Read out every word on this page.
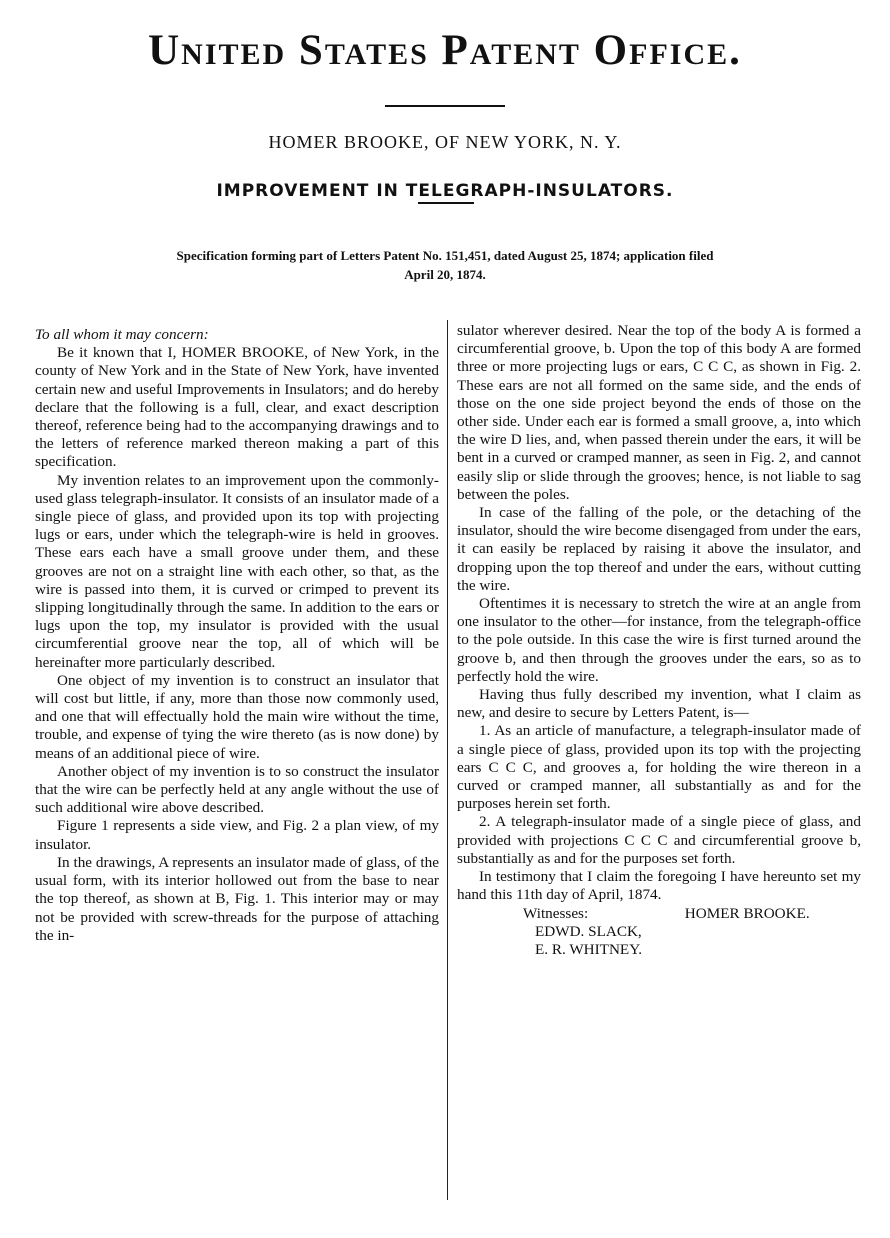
United States Patent Office.
HOMER BROOKE, OF NEW YORK, N. Y.
IMPROVEMENT IN TELEGRAPH-INSULATORS.
Specification forming part of Letters Patent No. 151,451, dated August 25, 1874; application filed
April 20, 1874.

To all whom it may concern:

Be it known that I, HOMER BROOKE, of New York, in the county of New York and in the State of New York, have invented certain new and useful Improvements in Insulators; and do hereby declare that the following is a full, clear, and exact description thereof, reference being had to the accompanying drawings and to the letters of reference marked thereon making a part of this specification.

My invention relates to an improvement upon the commonly-used glass telegraph-insulator. It consists of an insulator made of a single piece of glass, and provided upon its top with projecting lugs or ears, under which the telegraph-wire is held in grooves. These ears each have a small groove under them, and these grooves are not on a straight line with each other, so that, as the wire is passed into them, it is curved or crimped to prevent its slipping longitudinally through the same. In addition to the ears or lugs upon the top, my insulator is provided with the usual circumferential groove near the top, all of which will be hereinafter more particularly described.

One object of my invention is to construct an insulator that will cost but little, if any, more than those now commonly used, and one that will effectually hold the main wire without the time, trouble, and expense of tying the wire thereto (as is now done) by means of an additional piece of wire.

Another object of my invention is to so construct the insulator that the wire can be perfectly held at any angle without the use of such additional wire above described.

Figure 1 represents a side view, and Fig. 2 a plan view, of my insulator.

In the drawings, A represents an insulator made of glass, of the usual form, with its interior hollowed out from the base to near the top thereof, as shown at B, Fig. 1. This interior may or may not be provided with screw-threads for the purpose of attaching the in-

sulator wherever desired. Near the top of the body A is formed a circumferential groove, b. Upon the top of this body A are formed three or more projecting lugs or ears, C C C, as shown in Fig. 2. These ears are not all formed on the same side, and the ends of those on the one side project beyond the ends of those on the other side. Under each ear is formed a small groove, a, into which the wire D lies, and, when passed therein under the ears, it will be bent in a curved or cramped manner, as seen in Fig. 2, and cannot easily slip or slide through the grooves; hence, is not liable to sag between the poles.

In case of the falling of the pole, or the detaching of the insulator, should the wire become disengaged from under the ears, it can easily be replaced by raising it above the insulator, and dropping upon the top thereof and under the ears, without cutting the wire.

Oftentimes it is necessary to stretch the wire at an angle from one insulator to the other—for instance, from the telegraph-office to the pole outside. In this case the wire is first turned around the groove b, and then through the grooves under the ears, so as to perfectly hold the wire.

Having thus fully described my invention, what I claim as new, and desire to secure by Letters Patent, is—

1. As an article of manufacture, a telegraph-insulator made of a single piece of glass, provided upon its top with the projecting ears C C C, and grooves a, for holding the wire thereon in a curved or cramped manner, all substantially as and for the purposes herein set forth.

2. A telegraph-insulator made of a single piece of glass, and provided with projections C C C and circumferential groove b, substantially as and for the purposes set forth.

In testimony that I claim the foregoing I have hereunto set my hand this 11th day of April, 1874.

Witnesses:	HOMER BROOKE.

EDWD. SLACK,

E. R. WHITNEY.
